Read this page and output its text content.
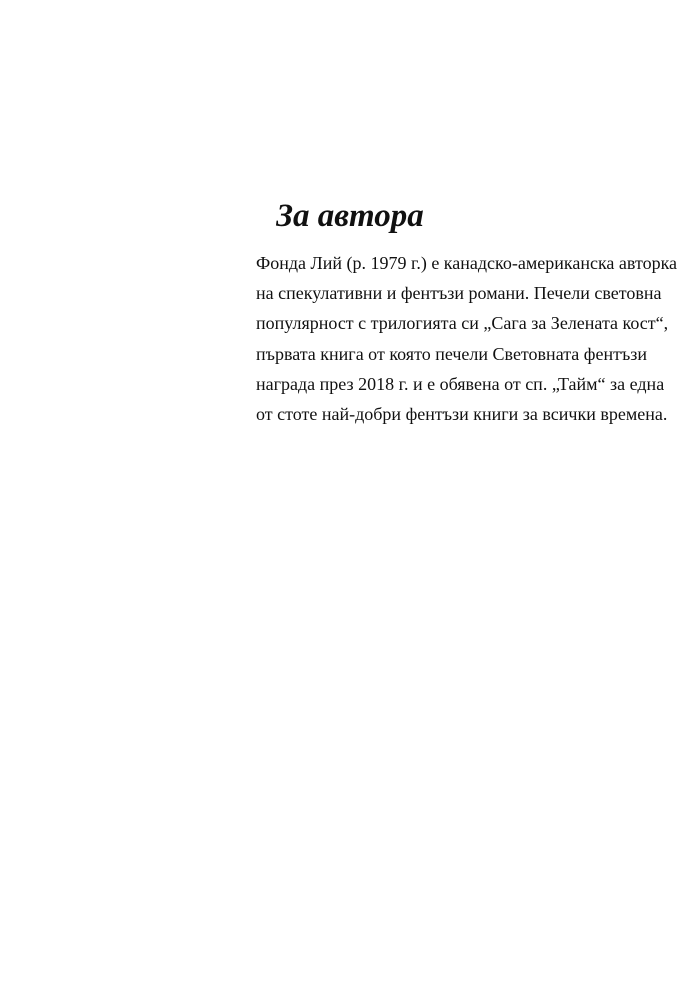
За автора
Фонда Лий (р. 1979 г.) е канадско-американска авторка
на спекулативни и фентъзи романи. Печели световна
популярност с трилогията си „Сага за Зелената кост“,
първата книга от която печели Световната фентъзи
награда през 2018 г. и е обявена от сп. „Тайм“ за една
от стоте най-добри фентъзи книги за всички времена.
